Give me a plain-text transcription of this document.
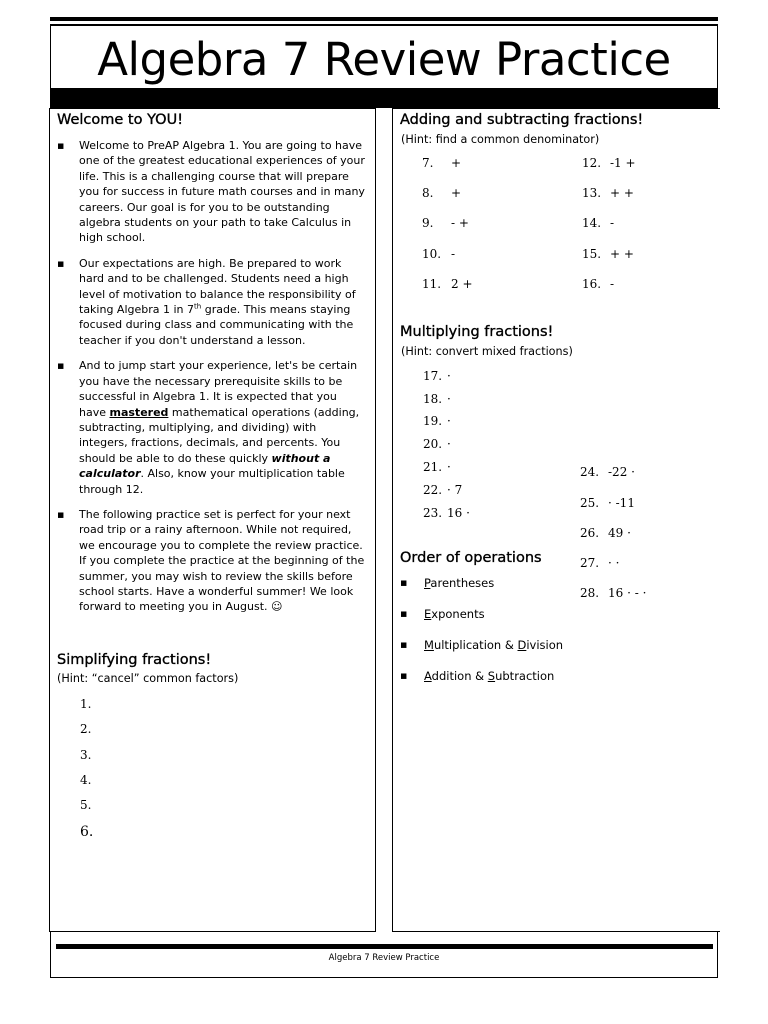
Algebra 7 Review Practice
Welcome to YOU!
▪ Welcome to PreAP Algebra 1. You are going to have one of the greatest educational experiences of your life. This is a challenging course that will prepare you for success in future math courses and in many careers. Our goal is for you to be outstanding algebra students on your path to take Calculus in high school.
▪ Our expectations are high. Be prepared to work hard and to be challenged. Students need a high level of motivation to balance the responsibility of taking Algebra 1 in 7th grade. This means staying focused during class and communicating with the teacher if you don't understand a lesson.
▪ And to jump start your experience, let's be certain you have the necessary prerequisite skills to be successful in Algebra 1. It is expected that you have mastered mathematical operations (adding, subtracting, multiplying, and dividing) with integers, fractions, decimals, and percents. You should be able to do these quickly without a calculator. Also, know your multiplication table through 12.
▪ The following practice set is perfect for your next road trip or a rainy afternoon. While not required, we encourage you to complete the review practice. If you complete the practice at the beginning of the summer, you may wish to review the skills before school starts. Have a wonderful summer! We look forward to meeting you in August. ☺
Simplifying fractions!
(Hint: “cancel” common factors)
1.
2.
3.
4.
5.
6.
Adding and subtracting fractions!
(Hint: find a common denominator)
7. +
8. +
9. - +
10. -
11. 2 +
12. -1 +
13. + +
14. -
15. + +
16. -
Multiplying fractions!
(Hint: convert mixed fractions)
17. ·
18. ·
19. ·
20. ·
21. ·
22. · 7
23. 16 ·
24. -22 ·
25. · -11
26. 49 ·
27. · ·
28. 16 · - ·
Order of operations
▪ Parentheses
▪ Exponents
▪ Multiplication & Division
▪ Addition & Subtraction
Algebra 7 Review Practice
